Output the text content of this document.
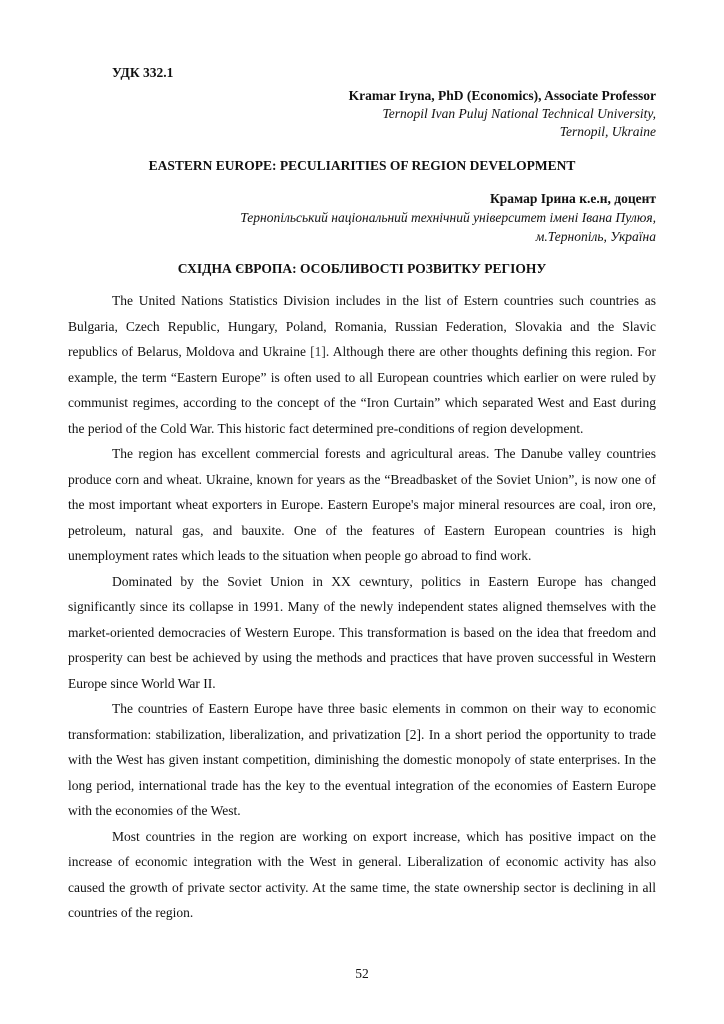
УДК 332.1
Kramar Iryna, PhD (Economics), Associate Professor
Ternopil Ivan Puluj National Technical University,
Ternopil, Ukraine
EASTERN EUROPE: PECULIARITIES OF REGION DEVELOPMENT
Крамар Ірина к.е.н, доцент
Тернопільський національний технічний університет імені Івана Пулюя,
м.Тернопіль, Україна
СХІДНА ЄВРОПА: ОСОБЛИВОСТІ РОЗВИТКУ РЕГІОНУ

The United Nations Statistics Division includes in the list of Estern countries such countries as Bulgaria, Czech Republic, Hungary, Poland, Romania, Russian Federation, Slovakia and the Slavic republics of Belarus, Moldova and Ukraine [1]. Although there are other thoughts defining this region. For example, the term “Eastern Europe” is often used to all European countries which earlier on were ruled by communist regimes, according to the concept of the “Iron Curtain” which separated West and East during the period of the Cold War. This historic fact determined pre-conditions of region development.

The region has excellent commercial forests and agricultural areas. The Danube valley countries produce corn and wheat. Ukraine, known for years as the “Breadbasket of the Soviet Union”, is now one of the most important wheat exporters in Europe. Eastern Europe's major mineral resources are coal, iron ore, petroleum, natural gas, and bauxite. One of the features of Eastern European countries is high unemployment rates which leads to the situation when people go abroad to find work.

Dominated by the Soviet Union in XX cewntury, politics in Eastern Europe has changed significantly since its collapse in 1991. Many of the newly independent states aligned themselves with the market-oriented democracies of Western Europe. This transformation is based on the idea that freedom and prosperity can best be achieved by using the methods and practices that have proven successful in Western Europe since World War II.

The countries of Eastern Europe have three basic elements in common on their way to economic transformation: stabilization, liberalization, and privatization [2]. In a short period the opportunity to trade with the West has given instant competition, diminishing the domestic monopoly of state enterprises. In the long period, international trade has the key to the eventual integration of the economies of Eastern Europe with the economies of the West.

Most countries in the region are working on export increase, which has positive impact on the increase of economic integration with the West in general. Liberalization of economic activity has also caused the growth of private sector activity. At the same time, the state ownership sector is declining in all countries of the region.

52
